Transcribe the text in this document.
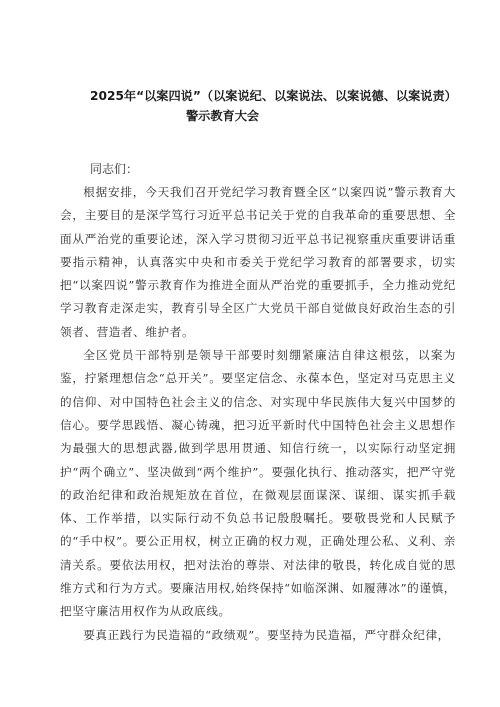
2025年“以案四说”（以案说纪、以案说法、以案说德、以案说责）
警示教育大会
同志们：

根据安排，今天我们召开党纪学习教育暨全区“以案四说”警示教育大会，主要目的是深学笃行习近平总书记关于党的自我革命的重要思想、全面从严治党的重要论述，深入学习贯彻习近平总书记视察重庆重要讲话重要指示精神，认真落实中央和市委关于党纪学习教育的部署要求，切实把“以案四说”警示教育作为推进全面从严治党的重要抓手，全力推动党纪学习教育走深走实，教育引导全区广大党员干部自觉做良好政治生态的引领者、营造者、维护者。

全区党员干部特别是领导干部要时刻绷紧廉洁自律这根弦，以案为鉴，拧紧理想信念“总开关”。要坚定信念、永葆本色，坚定对马克思主义的信仰、对中国特色社会主义的信念、对实现中华民族伟大复兴中国梦的信心。要学思践悟、凝心铸魂，把习近平新时代中国特色社会主义思想作为最强大的思想武器,做到学思用贯通、知信行统一，以实际行动坚定拥护“两个确立”、坚决做到“两个维护”。要强化执行、推动落实，把严守党的政治纪律和政治规矩放在首位，在微观层面谋深、谋细、谋实抓手载体、工作举措，以实际行动不负总书记殷殷嘱托。要敬畏党和人民赋予的“手中权”。要公正用权，树立正确的权力观，正确处理公私、义利、亲清关系。要依法用权，把对法治的尊崇、对法律的敬畏，转化成自觉的思维方式和行为方式。要廉洁用权,始终保持“如临深渊、如履薄冰”的谨慎，把坚守廉洁用权作为从政底线。

要真正践行为民造福的“政绩观”。要坚持为民造福，严守群众纪律，
